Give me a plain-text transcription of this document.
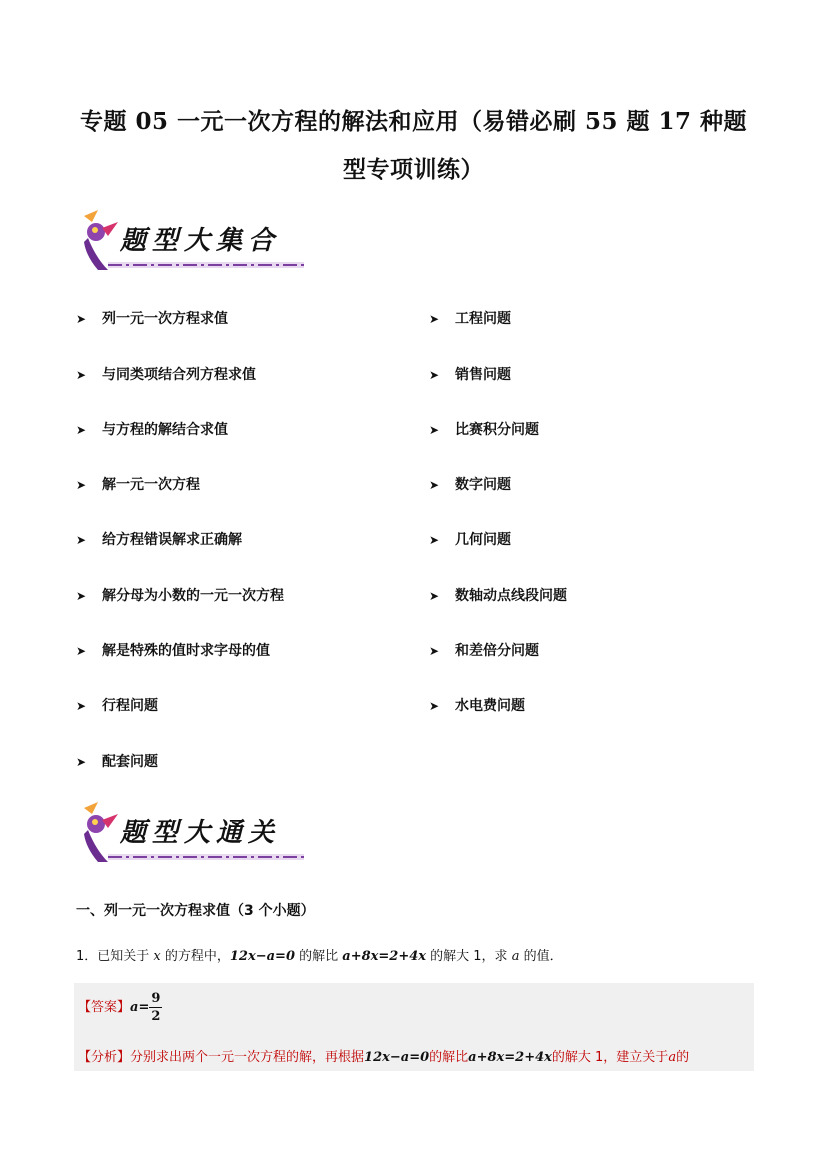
专题 05 一元一次方程的解法和应用（易错必刷 55 题 17 种题
型专项训练）
题型大集合
➤ 列一元一次方程求值
➤ 与同类项结合列方程求值
➤ 与方程的解结合求值
➤ 解一元一次方程
➤ 给方程错误解求正确解
➤ 解分母为小数的一元一次方程
➤ 解是特殊的值时求字母的值
➤ 行程问题
➤ 配套问题
➤ 工程问题
➤ 销售问题
➤ 比赛积分问题
➤ 数字问题
➤ 几何问题
➤ 数轴动点线段问题
➤ 和差倍分问题
➤ 水电费问题
题型大通关
一、列一元一次方程求值（3 个小题）
1．已知关于 x 的方程中，12x−a=0 的解比 a+8x=2+4x 的解大 1，求 a 的值．
【答案】$a= \frac{9}{2}$
【分析】分别求出两个一元一次方程的解，再根据12x−a=0的解比a+8x=2+4x的解大 1，建立关于a的
